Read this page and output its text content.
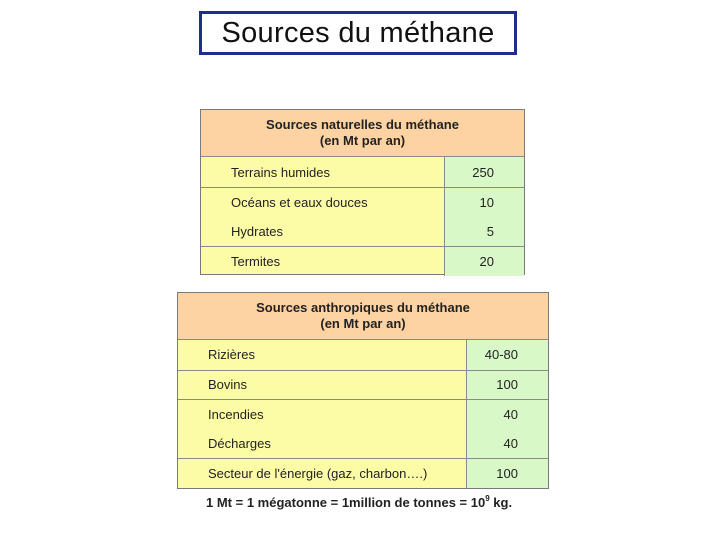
Sources du méthane
Sources naturelles du méthane
(en Mt par an)
Terrains humides	250
Océans et eaux douces	10
Hydrates	5
Termites	20
Sources anthropiques du méthane
(en Mt par an)
Rizières	40-80
Bovins	100
Incendies	40
Décharges	40
Secteur de l'énergie (gaz, charbon….)	100
1 Mt = 1 mégatonne = 1million de tonnes = $10^9$ kg.
